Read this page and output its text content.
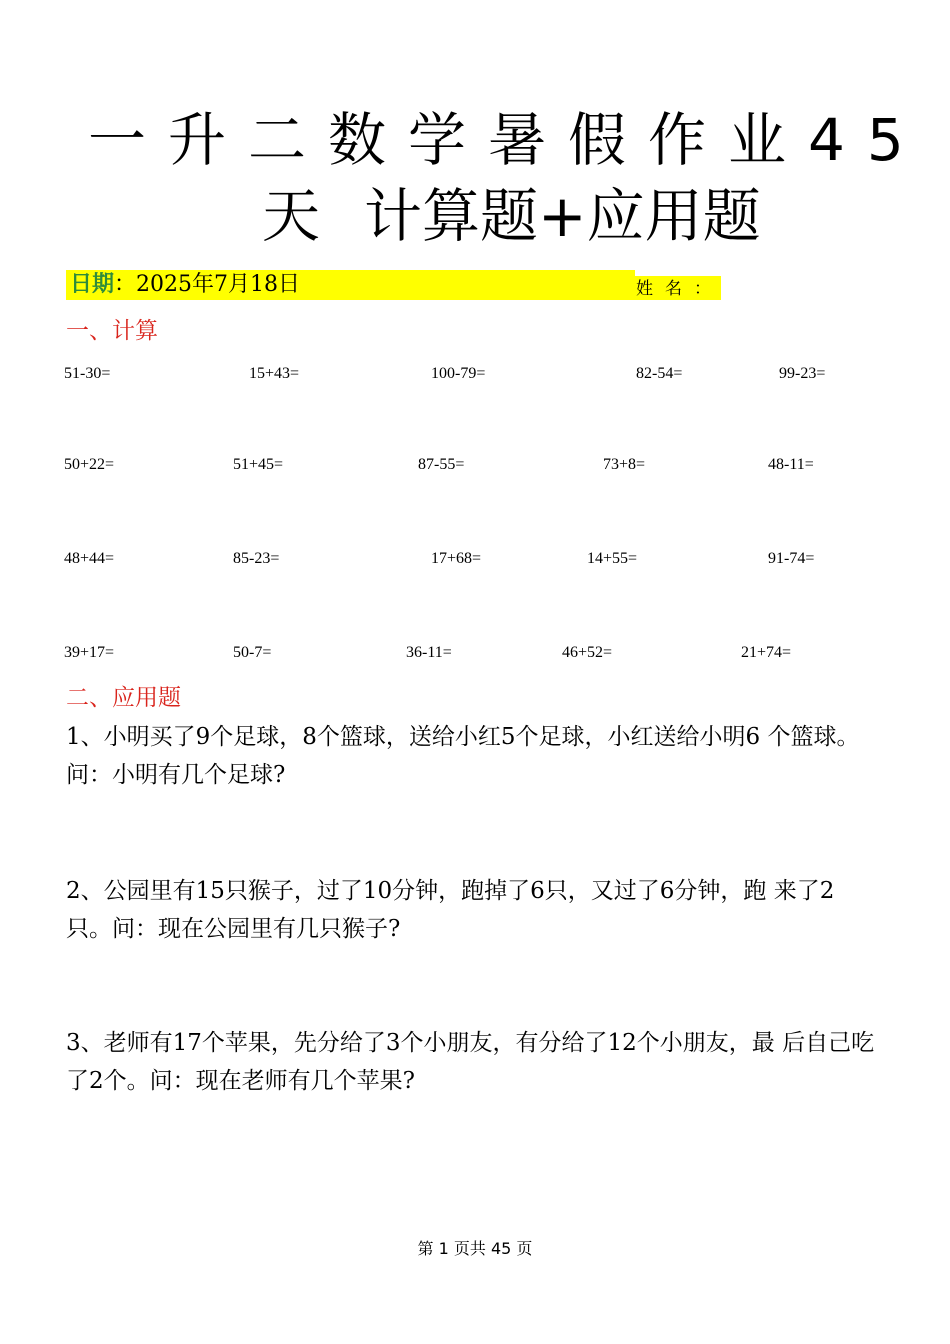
一升二数学暑假作业45
天 计算题+应用题
日期：2025年7月18日	姓名：
一、计算
51-30=	15+43=	100-79=	82-54=	99-23=
50+22=	51+45=	87-55=	73+8=	48-11=
48+44=	85-23=	17+68=	14+55=	91-74=
39+17=	50-7=	36-11=	46+52=	21+74=
二、应用题
1、小明买了9个足球，8个篮球，送给小红5个足球，小红送给小明6 个篮球。问：小明有几个足球?
2、公园里有15只猴子，过了10分钟，跑掉了6只，又过了6分钟，跑 来了2只。问：现在公园里有几只猴子?
3、老师有17个苹果，先分给了3个小朋友，有分给了12个小朋友，最 后自己吃了2个。问：现在老师有几个苹果?
第 1 页共 45 页
